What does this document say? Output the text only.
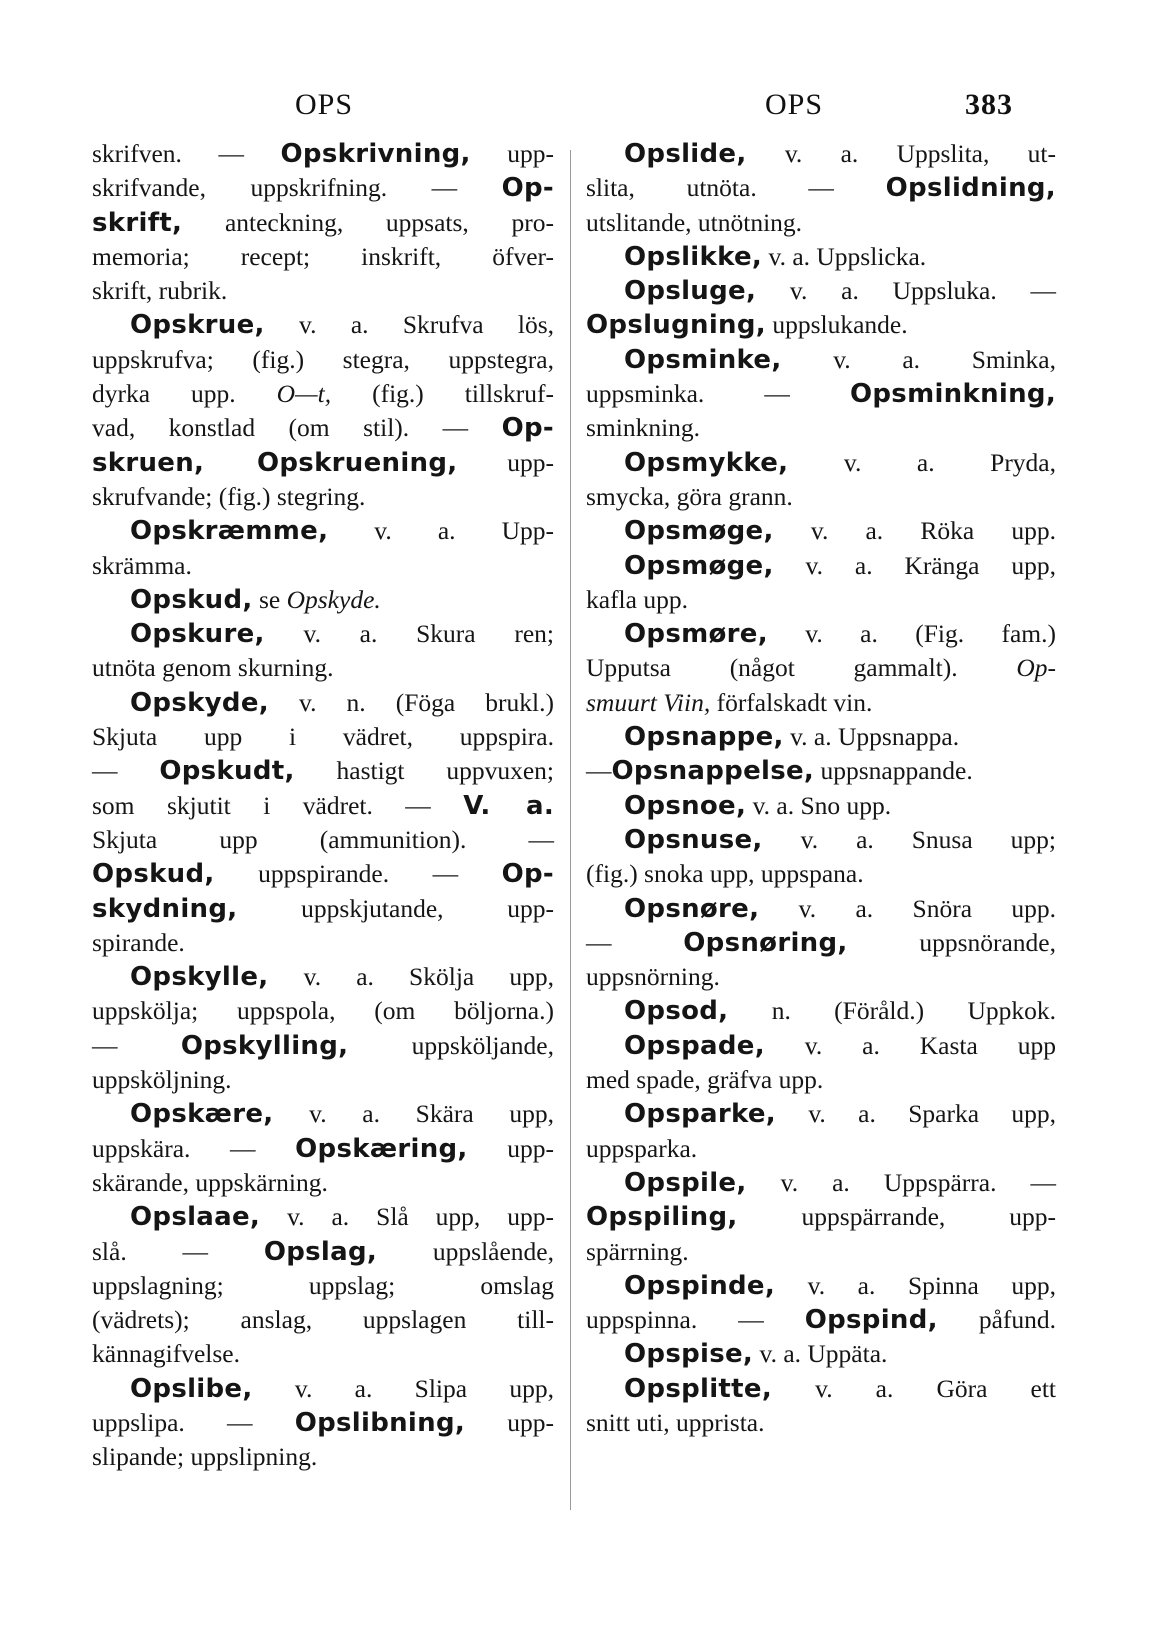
OPS	OPS	383
skrifven. — Opskrivning, upp-
skrifvande, uppskrifning. — Op-
skrift, anteckning, uppsats, pro-
memoria; recept; inskrift, öfver-
skrift, rubrik.
Opskrue, v. a. Skrufva lös,
uppskrufva; (fig.) stegra, uppstegra,
dyrka upp. O—t, (fig.) tillskruf-
vad, konstlad (om stil). — Op-
skruen, Opskruening, upp-
skrufvande; (fig.) stegring.
Opskræmme, v. a. Upp-
skrämma.
Opskud, se Opskyde.
Opskure, v. a. Skura ren;
utnöta genom skurning.
Opskyde, v. n. (Föga brukl.)
Skjuta upp i vädret, uppspira.
— Opskudt, hastigt uppvuxen;
som skjutit i vädret. — V. a.
Skjuta upp (ammunition). —
Opskud, uppspirande. — Op-
skydning, uppskjutande, upp-
spirande.
Opskylle, v. a. Skölja upp,
uppskölja; uppspola, (om böljorna.)
— Opskylling, uppsköljande,
uppsköljning.
Opskære, v. a. Skära upp,
uppskära. — Opskæring, upp-
skärande, uppskärning.
Opslaae, v. a. Slå upp, upp-
slå. — Opslag, uppslående,
uppslagning; uppslag; omslag
(vädrets); anslag, uppslagen till-
kännagifvelse.
Opslibe, v. a. Slipa upp,
uppslipa. — Opslibning, upp-
slipande; uppslipning.
Opslide, v. a. Uppslita, ut-
slita, utnöta. — Opslidning,
utslitande, utnötning.
Opslikke, v. a. Uppslicka.
Opsluge, v. a. Uppsluka. —
Opslugning, uppslukande.
Opsminke, v. a. Sminka,
uppsminka. — Opsminkning,
sminkning.
Opsmykke, v. a. Pryda,
smycka, göra grann.
Opsmøge, v. a. Röka upp.
Opsmøge, v. a. Kränga upp,
kafla upp.
Opsmøre, v. a. (Fig. fam.)
Upputsa (något gammalt). Op-
smuurt Viin, förfalskadt vin.
Opsnappe, v. a. Uppsnappa.
—Opsnappelse, uppsnappande.
Opsnoe, v. a. Sno upp.
Opsnuse, v. a. Snusa upp;
(fig.) snoka upp, uppspana.
Opsnøre, v. a. Snöra upp.
— Opsnøring, uppsnörande,
uppsnörning.
Opsod, n. (Föråld.) Uppkok.
Opspade, v. a. Kasta upp
med spade, gräfva upp.
Opsparke, v. a. Sparka upp,
uppsparka.
Opspile, v. a. Uppspärra. —
Opspiling, uppspärrande, upp-
spärrning.
Opspinde, v. a. Spinna upp,
uppspinna. — Opspind, påfund.
Opspise, v. a. Uppäta.
Opsplitte, v. a. Göra ett
snitt uti, upprista.
